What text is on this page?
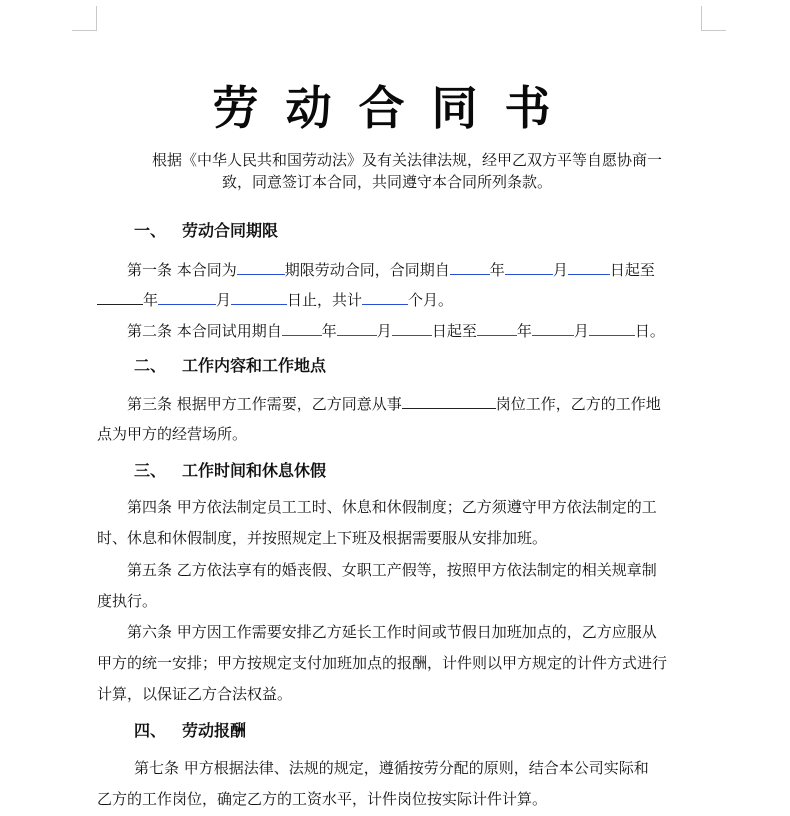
劳动合同书
根据《中华人民共和国劳动法》及有关法律法规，经甲乙双方平等自愿协商一
致，同意签订本合同，共同遵守本合同所列条款。
一、 劳动合同期限
第一条 本合同为	期限劳动合同，合同期自	年	月	日起至
年	月	日止，共计	个月。
第二条 本合同试用期自	年	月	日起至	年	月	日。
二、 工作内容和工作地点
第三条 根据甲方工作需要，乙方同意从事	岗位工作，乙方的工作地
点为甲方的经营场所。
三、 工作时间和休息休假
第四条 甲方依法制定员工工时、休息和休假制度；乙方须遵守甲方依法制定的工
时、休息和休假制度，并按照规定上下班及根据需要服从安排加班。
第五条 乙方依法享有的婚丧假、女职工产假等，按照甲方依法制定的相关规章制
度执行。
第六条 甲方因工作需要安排乙方延长工作时间或节假日加班加点的，乙方应服从
甲方的统一安排；甲方按规定支付加班加点的报酬，计件则以甲方规定的计件方式进行
计算，以保证乙方合法权益。
四、 劳动报酬
第七条 甲方根据法律、法规的规定，遵循按劳分配的原则，结合本公司实际和
乙方的工作岗位，确定乙方的工资水平，计件岗位按实际计件计算。
